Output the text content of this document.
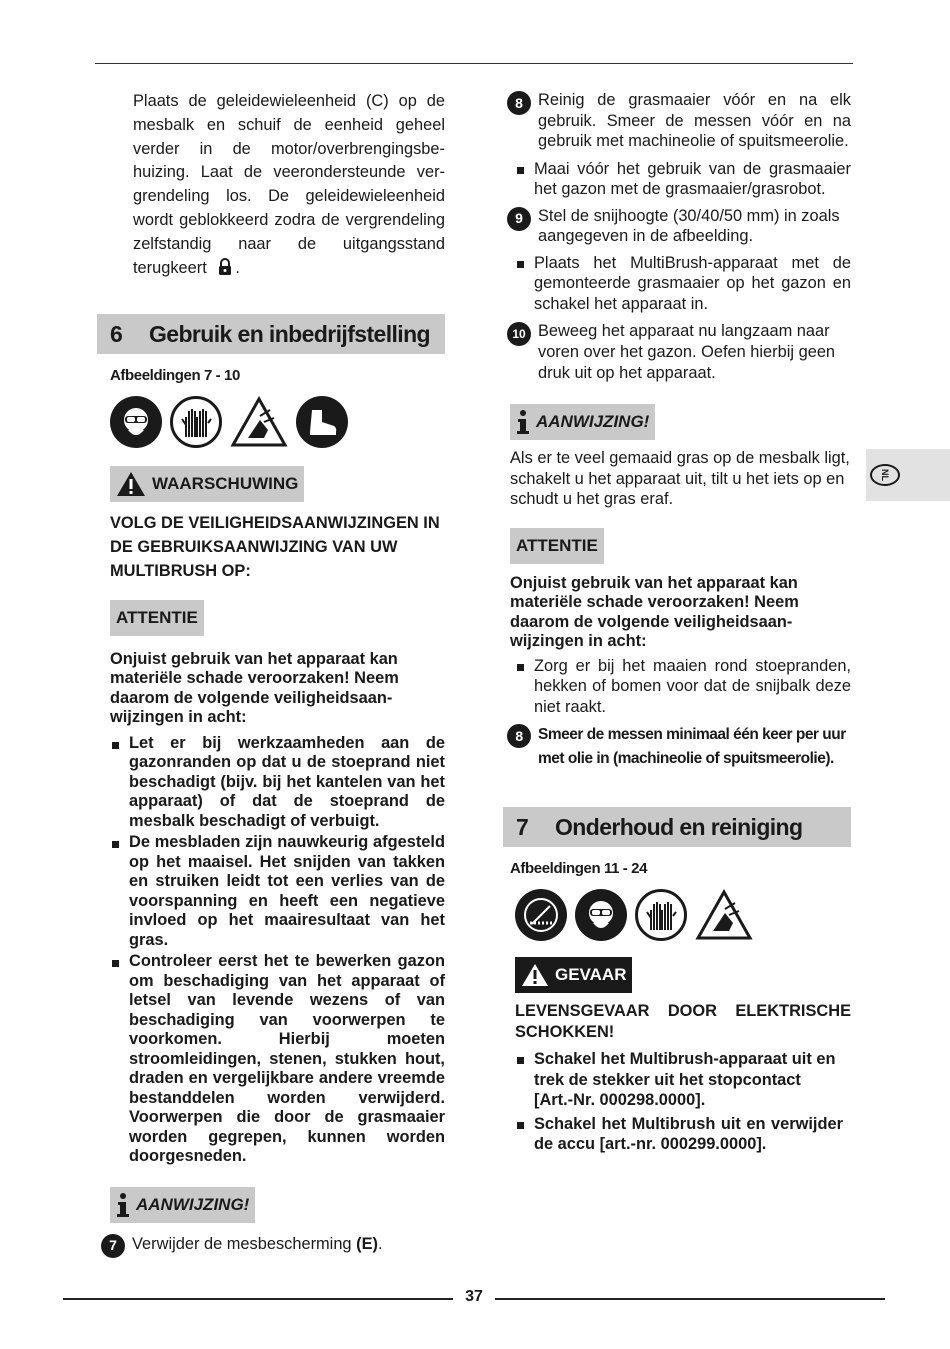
Plaats de geleidewieleenheid (C) op de mesbalk en schuif de eenheid geheel verder in de motor/overbrengingsbehuizing. Laat de veerondersteunde vergrendeling los. De geleidewieleenheid wordt geblokkeerd zodra de vergrendeling zelfstandig naar de uitgangsstand terugkeert .

6	Gebruik en inbedrijfstelling
Afbeeldingen 7 - 10
WAARSCHUWING

VOLG DE VEILIGHEIDSAANWIJZINGEN IN DE GEBRUIKSAANWIJZING VAN UW MULTIBRUSH OP:

ATTENTIE

Onjuist gebruik van het apparaat kan materiële schade veroorzaken! Neem daarom de volgende veiligheidsaanwijzingen in acht:

Let er bij werkzaamheden aan de gazonranden op dat u de stoeprand niet beschadigt (bijv. bij het kantelen van het apparaat) of dat de stoeprand de mesbalk beschadigt of verbuigt.
De mesbladen zijn nauwkeurig afgesteld op het maaisel. Het snijden van takken en struiken leidt tot een verlies van de voorspanning en heeft een negatieve invloed op het maairesultaat van het gras.
Controleer eerst het te bewerken gazon om beschadiging van het apparaat of letsel van levende wezens of van beschadiging van voorwerpen te voorkomen. Hierbij moeten stroomleidingen, stenen, stukken hout, draden en vergelijkbare andere vreemde bestanddelen worden verwijderd. Voorwerpen die door de grasmaaier worden gegrepen, kunnen worden doorgesneden.
AANWIJZING!

7 Verwijder de mesbescherming (E).

8 Reinig de grasmaaier vóór en na elk gebruik. Smeer de messen vóór en na gebruik met machineolie of spuitsmeerolie.

Maai vóór het gebruik van de grasmaaier het gazon met de grasmaaier/grasrobot.

9 Stel de snijhoogte (30/40/50 mm) in zoals aangegeven in de afbeelding.

Plaats het MultiBrush-apparaat met de gemonteerde grasmaaier op het gazon en schakel het apparaat in.

10 Beweeg het apparaat nu langzaam naar voren over het gazon. Oefen hierbij geen druk uit op het apparaat.

AANWIJZING!

Als er te veel gemaaid gras op de mesbalk ligt, schakelt u het apparaat uit, tilt u het iets op en schudt u het gras eraf.

ATTENTIE

Onjuist gebruik van het apparaat kan materiële schade veroorzaken! Neem daarom de volgende veiligheidsaanwijzingen in acht:

Zorg er bij het maaien rond stoepranden, hekken of bomen voor dat de snijbalk deze niet raakt.

8 Smeer de messen minimaal één keer per uur met olie in (machineolie of spuitsmeerolie).

7	Onderhoud en reiniging
Afbeeldingen 11 - 24
GEVAAR

LEVENSGEVAAR DOOR ELEKTRISCHE SCHOKKEN!

Schakel het Multibrush-apparaat uit en trek de stekker uit het stopcontact [Art.-Nr. 000298.0000].
Schakel het Multibrush uit en verwijder de accu [art.-nr. 000299.0000].
NL
37
